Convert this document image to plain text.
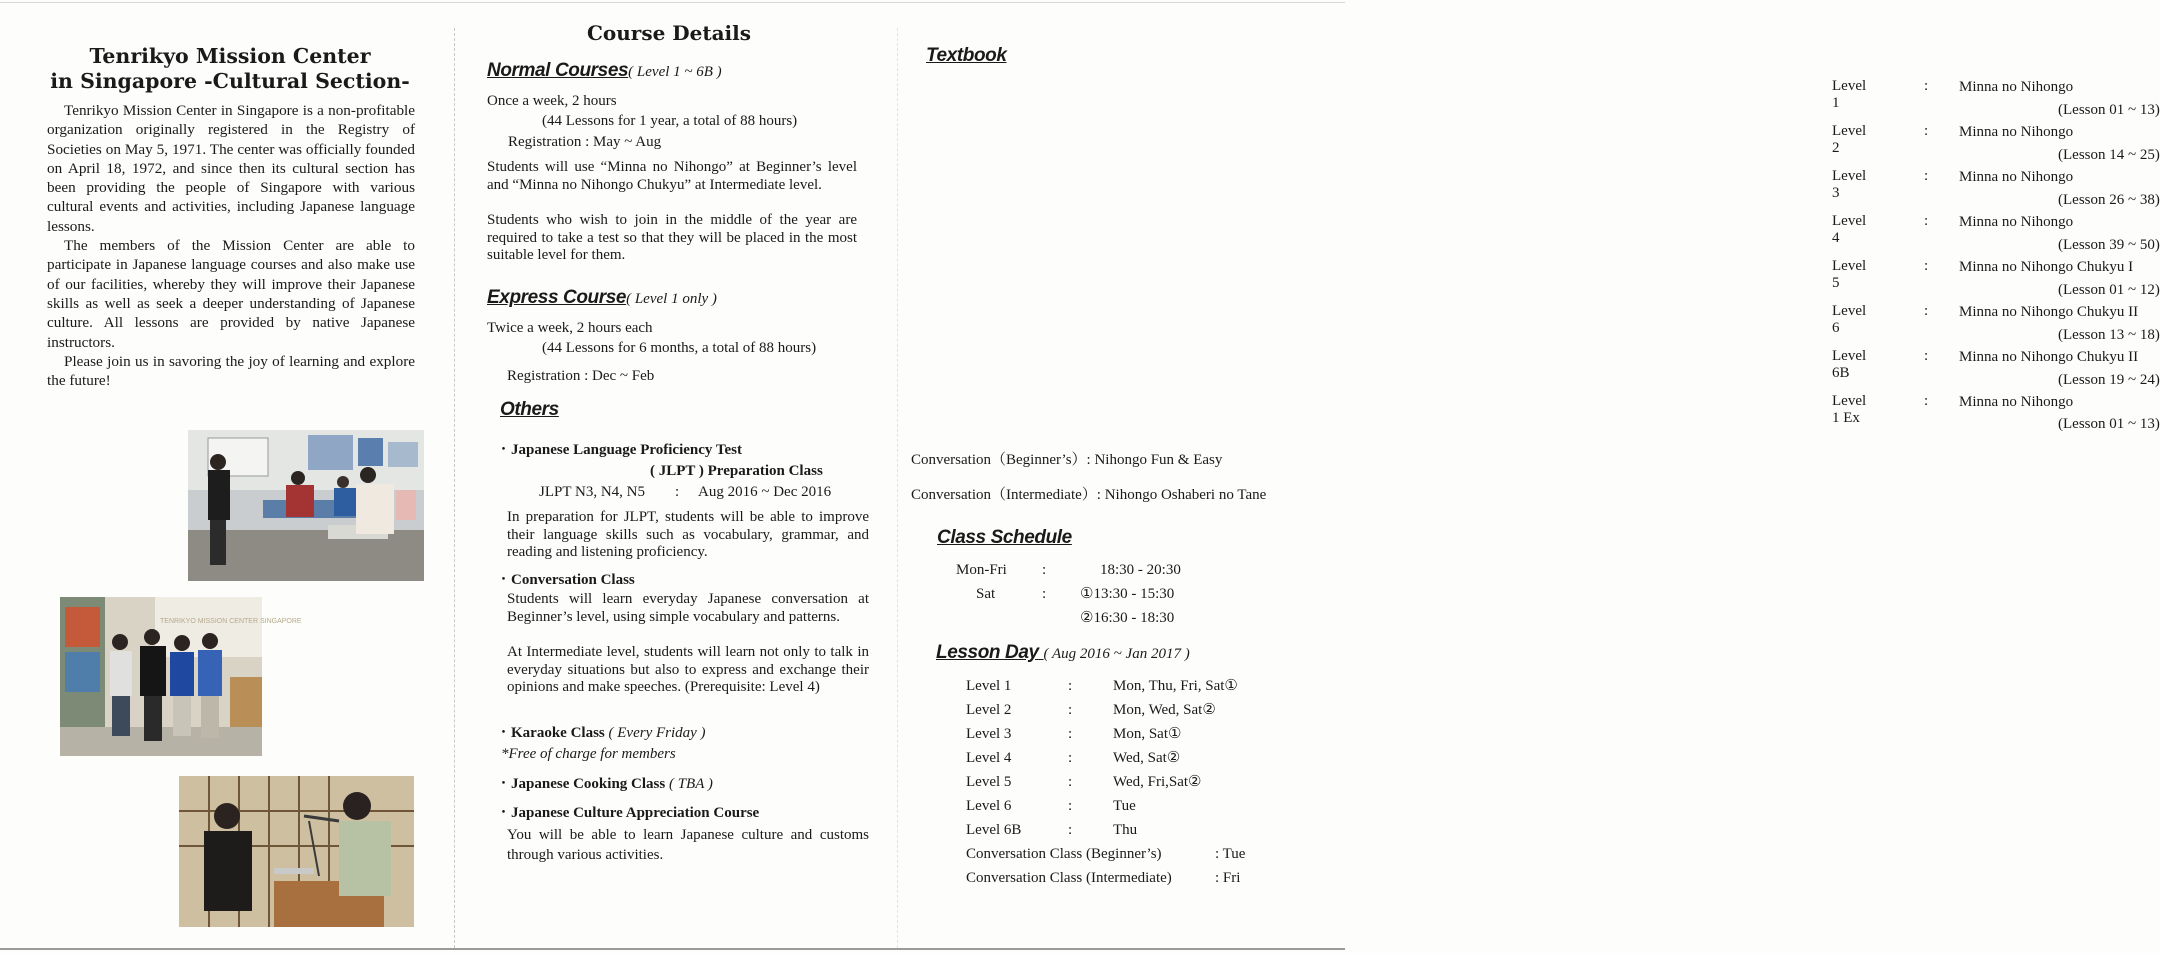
Tenrikyo Mission Center
in Singapore -Cultural Section-

Tenrikyo Mission Center in Singapore is a non-profitable organization originally registered in the Registry of Societies on May 5, 1971. The center was officially founded on April 18, 1972, and since then its cultural section has been providing the people of Singapore with various cultural events and activities, including Japanese language lessons.

The members of the Mission Center are able to participate in Japanese language courses and also make use of our facilities, whereby they will improve their Japanese skills as well as seek a deeper understanding of Japanese culture. All lessons are provided by native Japanese instructors.

Please join us in savoring the joy of learning and explore the future!

TENRIKYO MISSION CENTER SINGAPORE
Course Details
Normal Courses( Level 1 ~ 6B )
Once a week, 2 hours
(44 Lessons for 1 year, a total of 88 hours)
Registration : May ~ Aug
Students will use “Minna no Nihongo” at Beginner’s level and “Minna no Nihongo Chukyu” at Intermediate level.
Students who wish to join in the middle of the year are required to take a test so that they will be placed in the most suitable level for them.
Express Course( Level 1 only )
Twice a week, 2 hours each
(44 Lessons for 6 months, a total of 88 hours)
Registration : Dec ~ Feb
Others
・Japanese Language Proficiency Test
( JLPT ) Preparation Class
JLPT N3, N4, N5 : Aug 2016 ~ Dec 2016
In preparation for JLPT, students will be able to improve their language skills such as vocabulary, grammar, and reading and listening proficiency.
・Conversation Class
Students will learn everyday Japanese conversation at Beginner’s level, using simple vocabulary and patterns.
At Intermediate level, students will learn not only to talk in everyday situations but also to express and exchange their opinions and make speeches. (Prerequisite: Level 4)
・Karaoke Class ( Every Friday )
*Free of charge for members
・Japanese Cooking Class ( TBA )
・Japanese Culture Appreciation Course
You will be able to learn Japanese culture and customs through various activities.
Textbook
Level 1
: Minna no Nihongo
(Lesson 01 ~ 13)
Level 2
: Minna no Nihongo
(Lesson 14 ~ 25)
Level 3
: Minna no Nihongo
(Lesson 26 ~ 38)
Level 4
: Minna no Nihongo
(Lesson 39 ~ 50)
Level 5
: Minna no Nihongo Chukyu I
(Lesson 01 ~ 12)
Level 6
: Minna no Nihongo Chukyu II
(Lesson 13 ~ 18)
Level 6B
: Minna no Nihongo Chukyu II
(Lesson 19 ~ 24)
Level 1 Ex
: Minna no Nihongo
(Lesson 01 ~ 13)
Conversation（Beginner’s）: Nihongo Fun & Easy
Conversation（Intermediate）: Nihongo Oshaberi no Tane
Class Schedule
Mon-Fri :	18:30 - 20:30
Sat	: ①13:30 - 15:30
②16:30 - 18:30
Lesson Day ( Aug 2016 ~ Jan 2017 )
Level 1	:	Mon, Thu, Fri, Sat①
Level 2	:	Mon, Wed, Sat②
Level 3	:	Mon, Sat①
Level 4	:	Wed, Sat②
Level 5	:	Wed, Fri,Sat②
Level 6	:	Tue
Level 6B	:	Thu
Conversation Class (Beginner’s)	: Tue
Conversation Class (Intermediate)	: Fri
